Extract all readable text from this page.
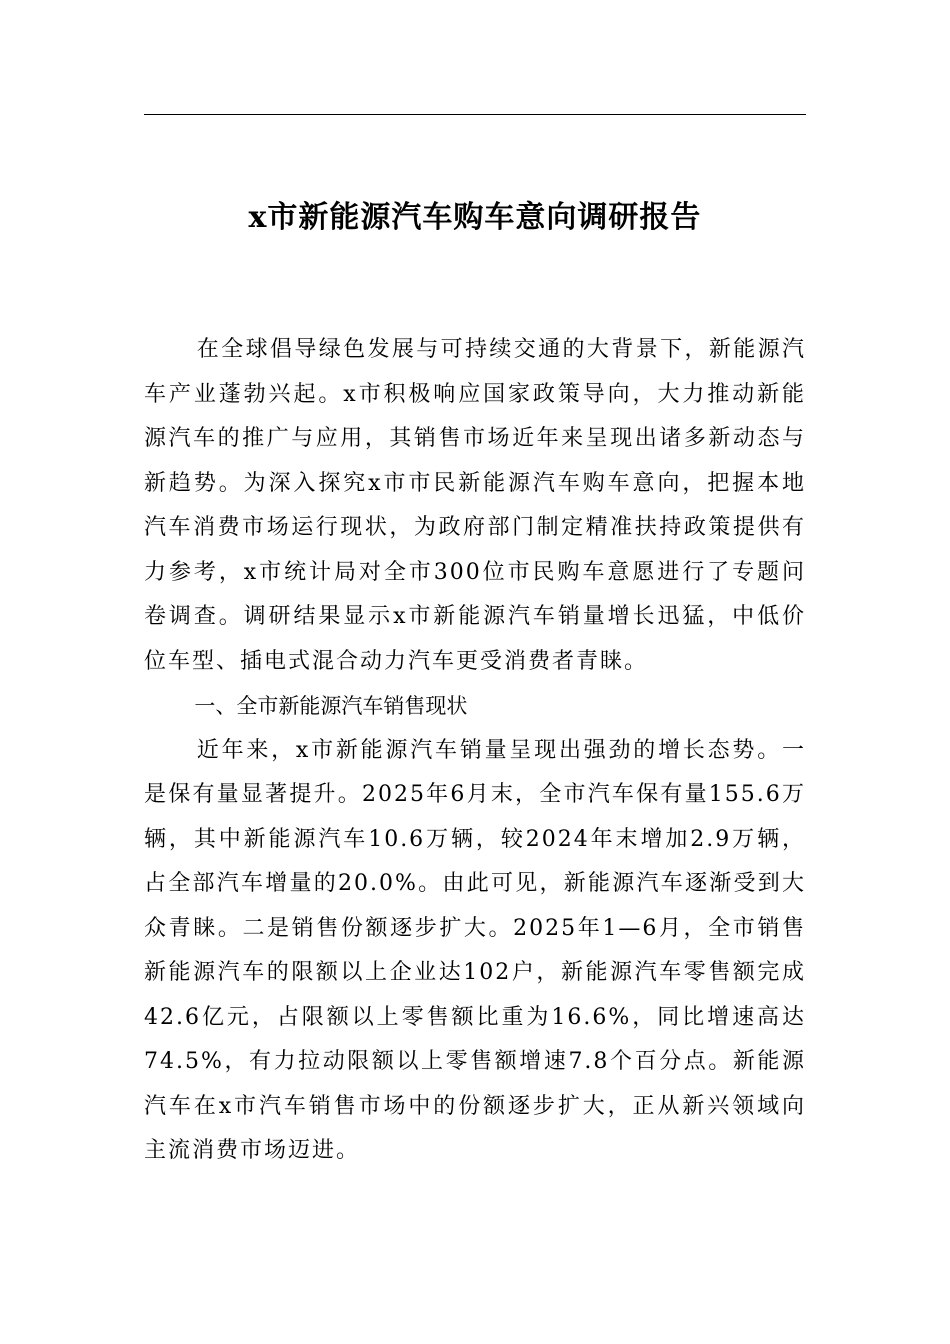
x市新能源汽车购车意向调研报告

在全球倡导绿色发展与可持续交通的大背景下，新能源汽车产业蓬勃兴起。x市积极响应国家政策导向，大力推动新能源汽车的推广与应用，其销售市场近年来呈现出诸多新动态与新趋势。为深入探究x市市民新能源汽车购车意向，把握本地汽车消费市场运行现状，为政府部门制定精准扶持政策提供有力参考，x市统计局对全市300位市民购车意愿进行了专题问卷调查。调研结果显示x市新能源汽车销量增长迅猛，中低价位车型、插电式混合动力汽车更受消费者青睐。

一、全市新能源汽车销售现状

近年来，x市新能源汽车销量呈现出强劲的增长态势。一是保有量显著提升。2025年6月末，全市汽车保有量155.6万辆，其中新能源汽车10.6万辆，较2024年末增加2.9万辆，占全部汽车增量的20.0%。由此可见，新能源汽车逐渐受到大众青睐。二是销售份额逐步扩大。2025年1—6月，全市销售新能源汽车的限额以上企业达102户，新能源汽车零售额完成42.6亿元，占限额以上零售额比重为16.6%，同比增速高达74.5%，有力拉动限额以上零售额增速7.8个百分点。新能源汽车在x市汽车销售市场中的份额逐步扩大，正从新兴领域向主流消费市场迈进。
